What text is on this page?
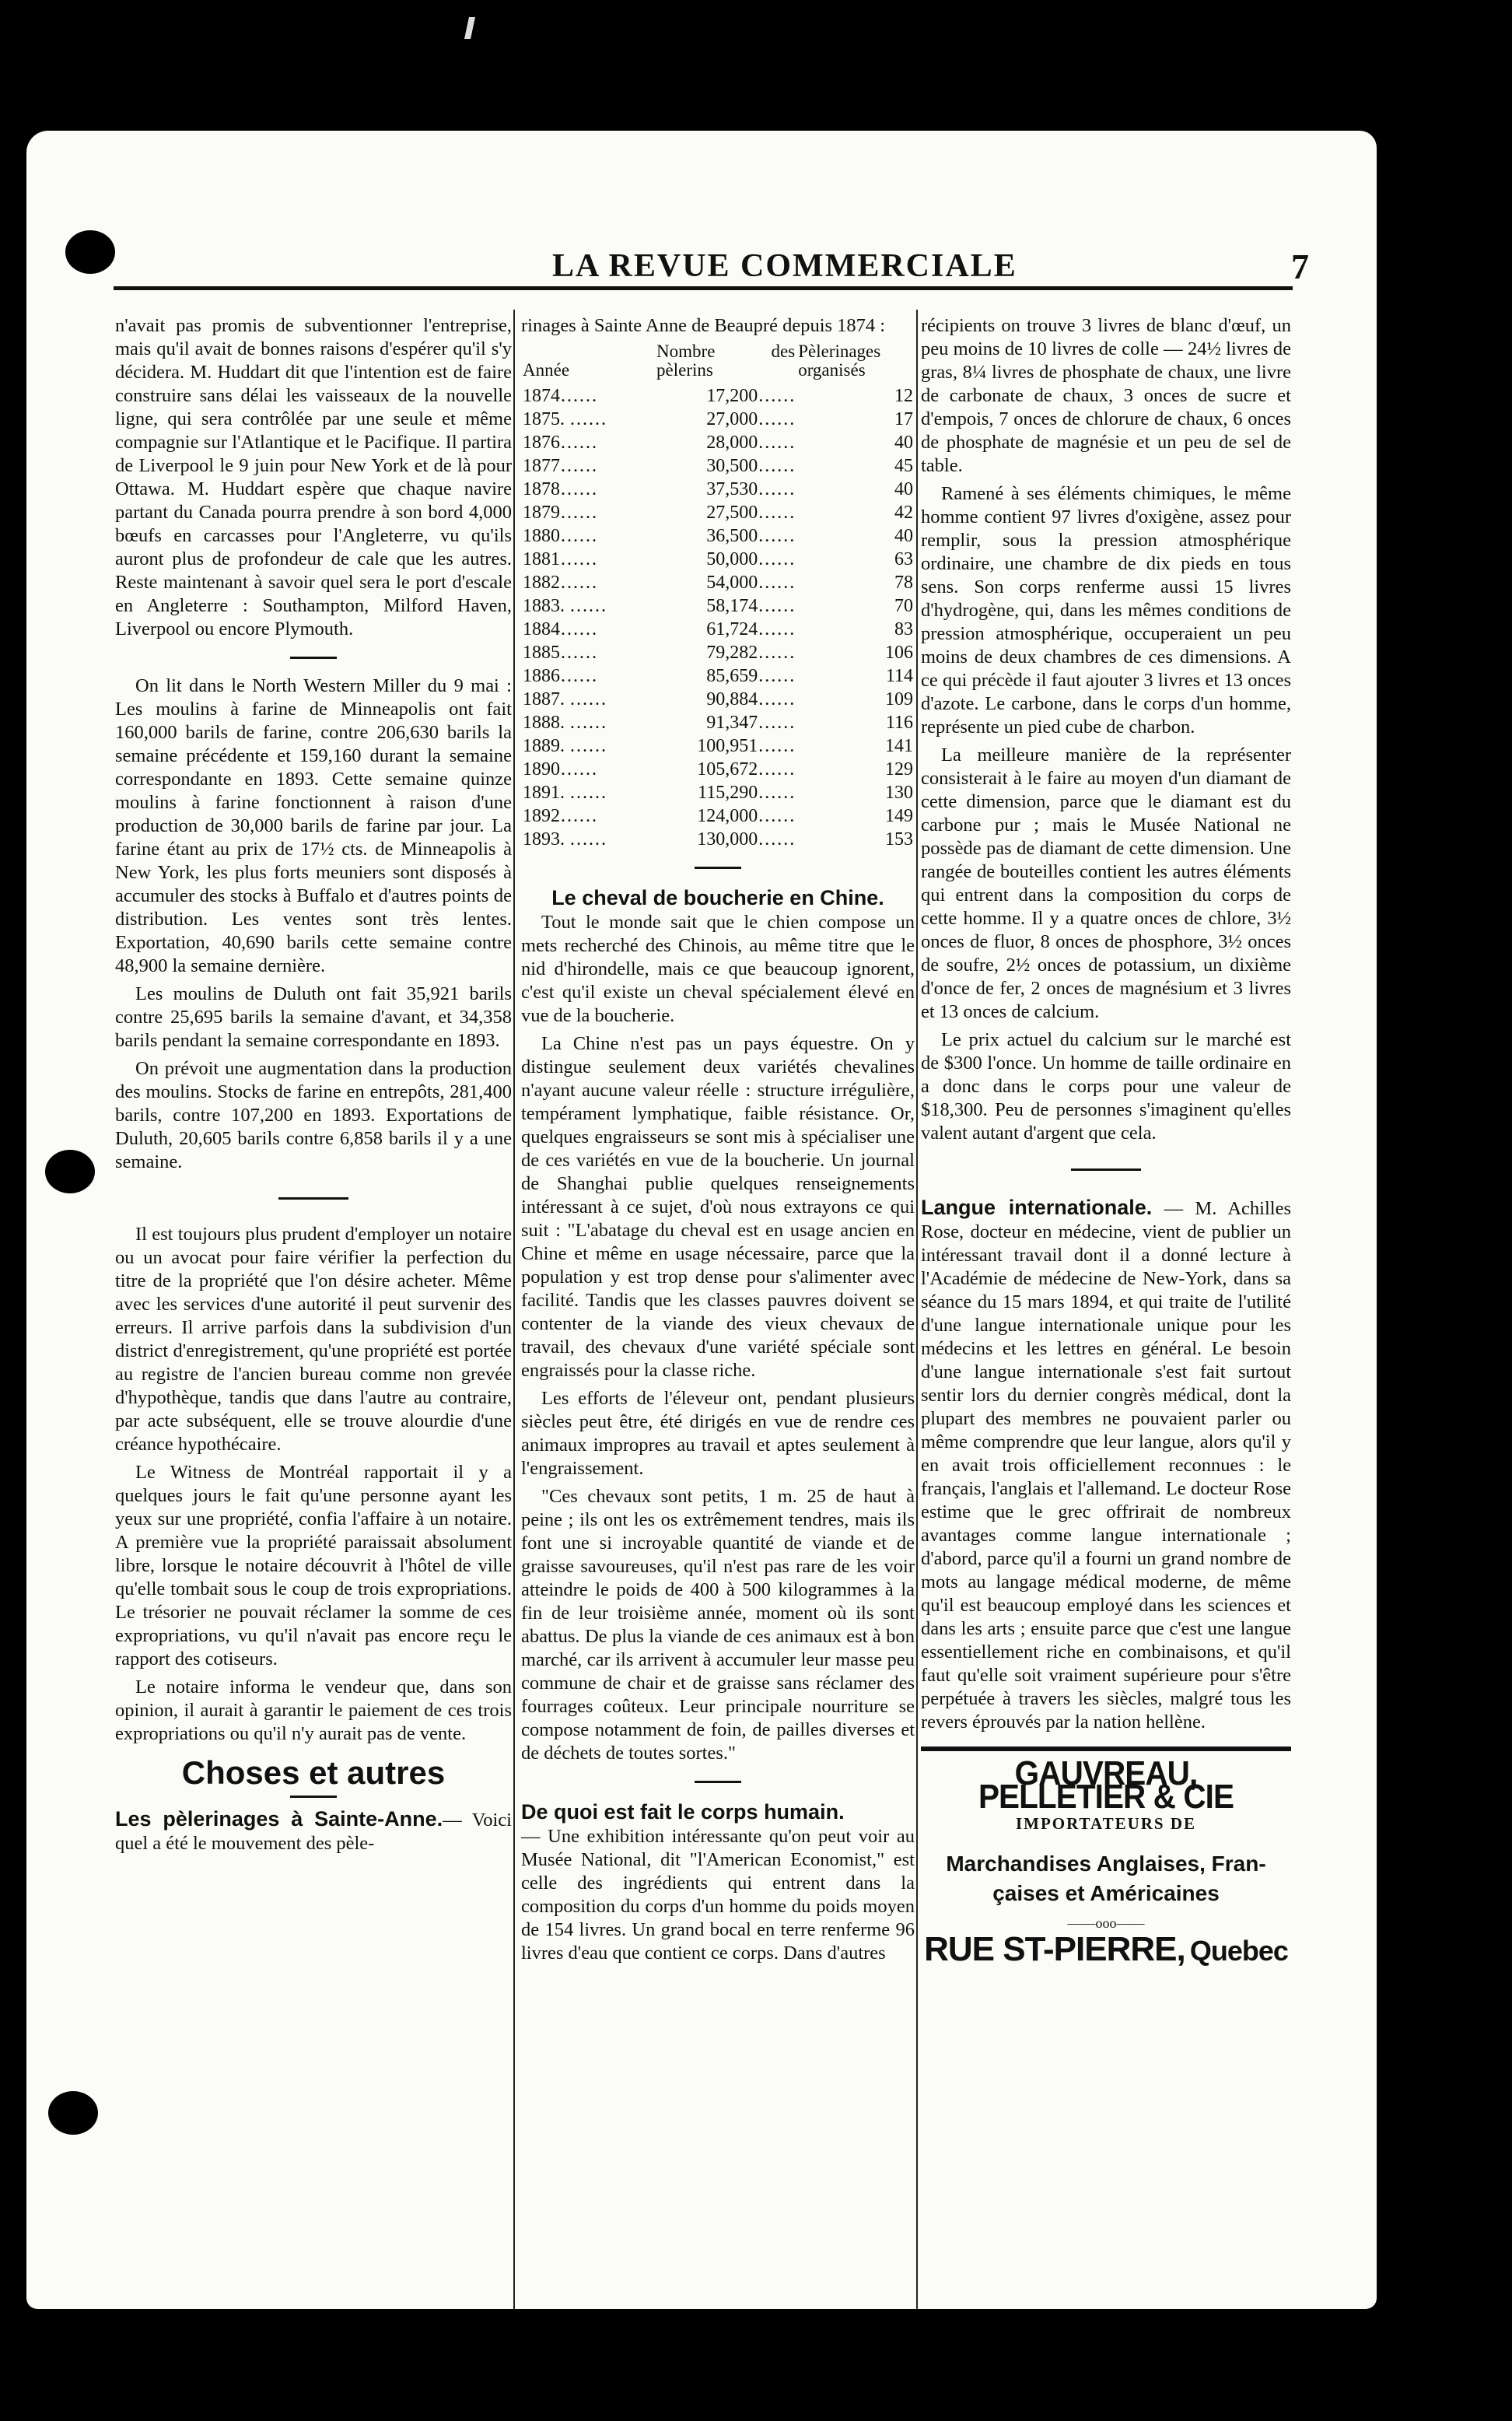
LA REVUE COMMERCIALE	7

n'avait pas promis de subventionner l'entreprise, mais qu'il avait de bonnes raisons d'espérer qu'il s'y décidera. M. Huddart dit que l'intention est de faire construire sans délai les vaisseaux de la nouvelle ligne, qui sera contrôlée par une seule et même compagnie sur l'Atlantique et le Pacifique. Il partira de Liverpool le 9 juin pour New York et de là pour Ottawa. M. Huddart espère que chaque navire partant du Canada pourra prendre à son bord 4,000 bœufs en carcasses pour l'Angleterre, vu qu'ils auront plus de profondeur de cale que les autres. Reste maintenant à savoir quel sera le port d'escale en Angleterre : Southampton, Milford Haven, Liverpool ou encore Plymouth.

On lit dans le North Western Miller du 9 mai : Les moulins à farine de Minneapolis ont fait 160,000 barils de farine, contre 206,630 barils la semaine précédente et 159,160 durant la semaine correspondante en 1893. Cette semaine quinze moulins à farine fonctionnent à raison d'une production de 30,000 barils de farine par jour. La farine étant au prix de 17½ cts. de Minneapolis à New York, les plus forts meuniers sont disposés à accumuler des stocks à Buffalo et d'autres points de distribution. Les ventes sont très lentes. Exportation, 40,690 barils cette semaine contre 48,900 la semaine dernière.

Les moulins de Duluth ont fait 35,921 barils contre 25,695 barils la semaine d'avant, et 34,358 barils pendant la semaine correspondante en 1893.

On prévoit une augmentation dans la production des moulins. Stocks de farine en entrepôts, 281,400 barils, contre 107,200 en 1893. Exportations de Duluth, 20,605 barils contre 6,858 barils il y a une semaine.

Il est toujours plus prudent d'employer un notaire ou un avocat pour faire vérifier la perfection du titre de la propriété que l'on désire acheter. Même avec les services d'une autorité il peut survenir des erreurs. Il arrive parfois dans la subdivision d'un district d'enregistrement, qu'une propriété est portée au registre de l'ancien bureau comme non grevée d'hypothèque, tandis que dans l'autre au contraire, par acte subséquent, elle se trouve alourdie d'une créance hypothécaire.

Le Witness de Montréal rapportait il y a quelques jours le fait qu'une personne ayant les yeux sur une propriété, confia l'affaire à un notaire. A première vue la propriété paraissait absolument libre, lorsque le notaire découvrit à l'hôtel de ville qu'elle tombait sous le coup de trois expropriations. Le trésorier ne pouvait réclamer la somme de ces expropriations, vu qu'il n'avait pas encore reçu le rapport des cotiseurs.

Le notaire informa le vendeur que, dans son opinion, il aurait à garantir le paiement de ces trois expropriations ou qu'il n'y aurait pas de vente.

Choses et autres

Les pèlerinages à Sainte-Anne.— Voici quel a été le mouvement des pèle-

rinages à Sainte Anne de Beaupré depuis 1874 :

Année	Nombre des pèlerins	Pèlerinages organisés
1874……	17,200……	12
1875. ……	27,000……	17
1876……	28,000……	40
1877……	30,500……	45
1878……	37,530……	40
1879……	27,500……	42
1880……	36,500……	40
1881……	50,000……	63
1882……	54,000……	78
1883. ……	58,174……	70
1884……	61,724……	83
1885……	79,282……	106
1886……	85,659……	114
1887. ……	90,884……	109
1888. ……	91,347……	116
1889. ……	100,951……	141
1890……	105,672……	129
1891. ……	115,290……	130
1892……	124,000……	149
1893. ……	130,000……	153
Le cheval de boucherie en Chine.

Tout le monde sait que le chien compose un mets recherché des Chinois, au même titre que le nid d'hirondelle, mais ce que beaucoup ignorent, c'est qu'il existe un cheval spécialement élevé en vue de la boucherie.

La Chine n'est pas un pays équestre. On y distingue seulement deux variétés chevalines n'ayant aucune valeur réelle : structure irrégulière, tempérament lymphatique, faible résistance. Or, quelques engraisseurs se sont mis à spécialiser une de ces variétés en vue de la boucherie. Un journal de Shanghai publie quelques renseignements intéressant à ce sujet, d'où nous extrayons ce qui suit : "L'abatage du cheval est en usage ancien en Chine et même en usage nécessaire, parce que la population y est trop dense pour s'alimenter avec facilité. Tandis que les classes pauvres doivent se contenter de la viande des vieux chevaux de travail, des chevaux d'une variété spéciale sont engraissés pour la classe riche.

Les efforts de l'éleveur ont, pendant plusieurs siècles peut être, été dirigés en vue de rendre ces animaux impropres au travail et aptes seulement à l'engraissement.

"Ces chevaux sont petits, 1 m. 25 de haut à peine ; ils ont les os extrêmement tendres, mais ils font une si incroyable quantité de viande et de graisse savoureuses, qu'il n'est pas rare de les voir atteindre le poids de 400 à 500 kilogrammes à la fin de leur troisième année, moment où ils sont abattus. De plus la viande de ces animaux est à bon marché, car ils arrivent à accumuler leur masse peu commune de chair et de graisse sans réclamer des fourrages coûteux. Leur principale nourriture se compose notamment de foin, de pailles diverses et de déchets de toutes sortes."

De quoi est fait le corps humain.

— Une exhibition intéressante qu'on peut voir au Musée National, dit "l'American Economist," est celle des ingrédients qui entrent dans la composition du corps d'un homme du poids moyen de 154 livres. Un grand bocal en terre renferme 96 livres d'eau que contient ce corps. Dans d'autres

récipients on trouve 3 livres de blanc d'œuf, un peu moins de 10 livres de colle — 24½ livres de gras, 8¼ livres de phosphate de chaux, une livre de carbonate de chaux, 3 onces de sucre et d'empois, 7 onces de chlorure de chaux, 6 onces de phosphate de magnésie et un peu de sel de table.

Ramené à ses éléments chimiques, le même homme contient 97 livres d'oxigène, assez pour remplir, sous la pression atmosphérique ordinaire, une chambre de dix pieds en tous sens. Son corps renferme aussi 15 livres d'hydrogène, qui, dans les mêmes conditions de pression atmosphérique, occuperaient un peu moins de deux chambres de ces dimensions. A ce qui précède il faut ajouter 3 livres et 13 onces d'azote. Le carbone, dans le corps d'un homme, représente un pied cube de charbon.

La meilleure manière de la représenter consisterait à le faire au moyen d'un diamant de cette dimension, parce que le diamant est du carbone pur ; mais le Musée National ne possède pas de diamant de cette dimension. Une rangée de bouteilles contient les autres éléments qui entrent dans la composition du corps de cette homme. Il y a quatre onces de chlore, 3½ onces de fluor, 8 onces de phosphore, 3½ onces de soufre, 2½ onces de potassium, un dixième d'once de fer, 2 onces de magnésium et 3 livres et 13 onces de calcium.

Le prix actuel du calcium sur le marché est de $300 l'once. Un homme de taille ordinaire en a donc dans le corps pour une valeur de $18,300. Peu de personnes s'imaginent qu'elles valent autant d'argent que cela.

Langue internationale. — M. Achilles Rose, docteur en médecine, vient de publier un intéressant travail dont il a donné lecture à l'Académie de médecine de New-York, dans sa séance du 15 mars 1894, et qui traite de l'utilité d'une langue internationale unique pour les médecins et les lettres en général. Le besoin d'une langue internationale s'est fait surtout sentir lors du dernier congrès médical, dont la plupart des membres ne pouvaient parler ou même comprendre que leur langue, alors qu'il y en avait trois officiellement reconnues : le français, l'anglais et l'allemand. Le docteur Rose estime que le grec offrirait de nombreux avantages comme langue internationale ; d'abord, parce qu'il a fourni un grand nombre de mots au langage médical moderne, de même qu'il est beaucoup employé dans les sciences et dans les arts ; ensuite parce que c'est une langue essentiellement riche en combinaisons, et qu'il faut qu'elle soit vraiment supérieure pour s'être perpétuée à travers les siècles, malgré tous les revers éprouvés par la nation hellène.

GAUVREAU, PELLETIER & CIE
IMPORTATEURS DE
Marchandises Anglaises, Fran-
çaises et Américaines
——ooo——
RUE ST-PIERRE, Quebec
